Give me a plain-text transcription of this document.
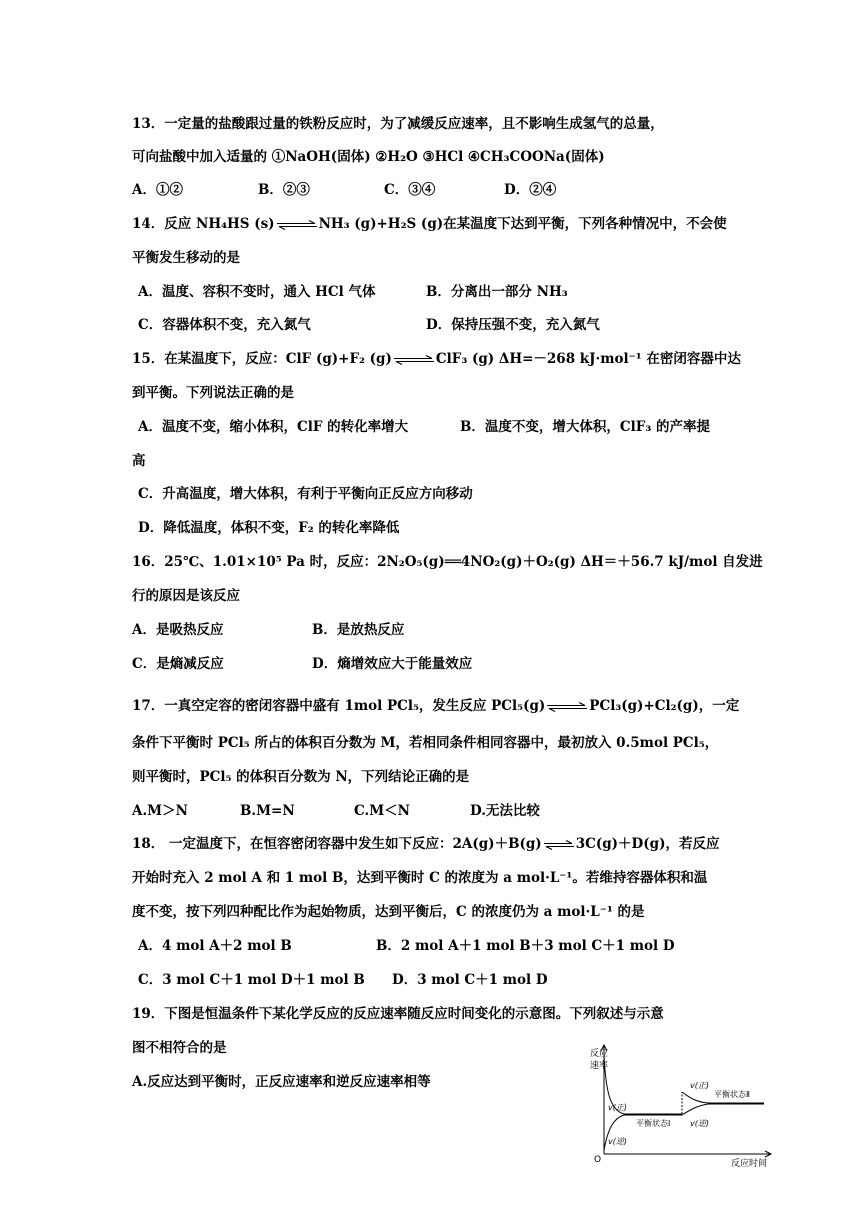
13．一定量的盐酸跟过量的铁粉反应时，为了减缓反应速率，且不影响生成氢气的总量，
可向盐酸中加入适量的 ①NaOH(固体) ②H₂O ③HCl ④CH₃COONa(固体)
A．①②	B．②③	C．③④	D．②④
14．反应 NH₄HS (s)⇌NH₃ (g)+H₂S (g)在某温度下达到平衡，下列各种情况中，不会使
平衡发生移动的是
A．温度、容积不变时，通入 HCl 气体	B．分离出一部分 NH₃
C．容器体积不变，充入氮气	D．保持压强不变，充入氮气
15．在某温度下，反应：ClF (g)+F₂ (g)⇌ClF₃ (g) ΔH=－268 kJ·mol⁻¹ 在密闭容器中达
到平衡。下列说法正确的是
A．温度不变，缩小体积，ClF 的转化率增大	B．温度不变，增大体积，ClF₃ 的产率提
高
C．升高温度，增大体积，有利于平衡向正反应方向移动
D．降低温度，体积不变，F₂ 的转化率降低
16．25℃、1.01×10⁵ Pa 时，反应：2N₂O₅(g)══4NO₂(g)＋O₂(g) ΔH＝＋56.7 kJ/mol 自发进
行的原因是该反应
A．是吸热反应	B．是放热反应
C．是熵减反应	D．熵增效应大于能量效应
17．一真空定容的密闭容器中盛有 1mol PCl₅，发生反应 PCl₅(g)⇌PCl₃(g)+Cl₂(g)，一定
条件下平衡时 PCl₅ 所占的体积百分数为 M，若相同条件相同容器中，最初放入 0.5mol PCl₅，
则平衡时，PCl₅ 的体积百分数为 N，下列结论正确的是
A.M＞N	B.M=N	C.M＜N	D.无法比较
18． 一定温度下，在恒容密闭容器中发生如下反应：2A(g)＋B(g)⇌3C(g)＋D(g)，若反应
开始时充入 2 mol A 和 1 mol B，达到平衡时 C 的浓度为 a mol·L⁻¹。若维持容器体积和温
度不变，按下列四种配比作为起始物质，达到平衡后，C 的浓度仍为 a mol·L⁻¹ 的是
A．4 mol A＋2 mol B	B．2 mol A＋1 mol B＋3 mol C＋1 mol D
C．3 mol C＋1 mol D＋1 mol B D．3 mol C＋1 mol D
19．下图是恒温条件下某化学反应的反应速率随反应时间变化的示意图。下列叙述与示意
图不相符合的是
A.反应达到平衡时，正反应速率和逆反应速率相等
反应
速率
O	反应时间
v(正)
v(逆)
平衡状态Ⅰ
v(正)
v(逆)
平衡状态Ⅱ
